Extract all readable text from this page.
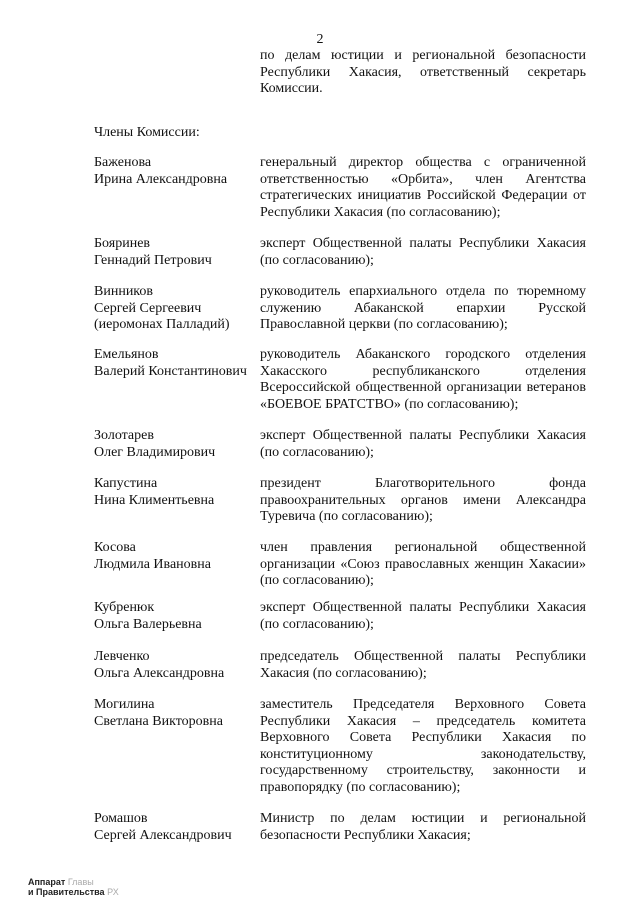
2
по делам юстиции и региональной безопасности
Республики Хакасия, ответственный секретарь
Комиссии.
Члены Комиссии:
Баженова
Ирина Александровна
генеральный директор общества с ограниченной
ответственностью «Орбита», член Агентства
стратегических инициатив Российской Федерации от
Республики Хакасия (по согласованию);
Бояринев
Геннадий Петрович
эксперт Общественной палаты Республики Хакасия
(по согласованию);
Винников
Сергей Сергеевич
(иеромонах Палладий)
руководитель епархиального отдела по тюремному
служению Абаканской епархии Русской
Православной церкви (по согласованию);
Емельянов
Валерий Константинович
руководитель Абаканского городского отделения
Хакасского республиканского отделения
Всероссийской общественной организации ветеранов
«БОЕВОЕ БРАТСТВО» (по согласованию);
Золотарев
Олег Владимирович
эксперт Общественной палаты Республики Хакасия
(по согласованию);
Капустина
Нина Климентьевна
президент Благотворительного фонда
правоохранительных органов имени Александра
Туревича (по согласованию);
Косова
Людмила Ивановна
член правления региональной общественной
организации «Союз православных женщин Хакасии»
(по согласованию);
Кубренюк
Ольга Валерьевна
эксперт Общественной палаты Республики Хакасия
(по согласованию);
Левченко
Ольга Александровна
председатель Общественной палаты Республики
Хакасия (по согласованию);
Могилина
Светлана Викторовна
заместитель Председателя Верховного Совета
Республики Хакасия – председатель комитета
Верховного Совета Республики Хакасия по
конституционному законодательству,
государственному строительству, законности и
правопорядку (по согласованию);
Ромашов
Сергей Александрович
Министр по делам юстиции и региональной
безопасности Республики Хакасия;
Аппарат Главы
и Правительства РХ
